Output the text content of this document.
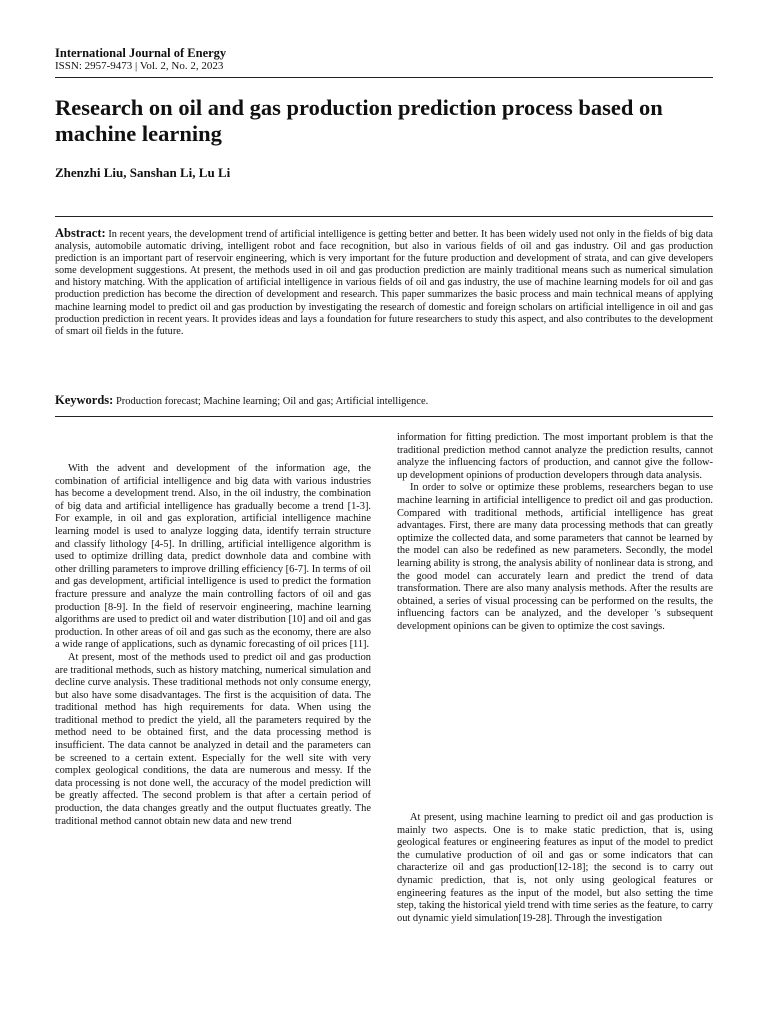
International Journal of Energy
ISSN: 2957-9473 | Vol. 2, No. 2, 2023
Research on oil and gas production prediction process based on machine learning
Zhenzhi Liu, Sanshan Li, Lu Li

Abstract: In recent years, the development trend of artificial intelligence is getting better and better. It has been widely used not only in the fields of big data analysis, automobile automatic driving, intelligent robot and face recognition, but also in various fields of oil and gas industry. Oil and gas production prediction is an important part of reservoir engineering, which is very important for the future production and development of strata, and can give developers some development suggestions. At present, the methods used in oil and gas production prediction are mainly traditional means such as numerical simulation and history matching. With the application of artificial intelligence in various fields of oil and gas industry, the use of machine learning models for oil and gas production prediction has become the direction of development and research. This paper summarizes the basic process and main technical means of applying machine learning model to predict oil and gas production by investigating the research of domestic and foreign scholars on artificial intelligence in oil and gas production prediction in recent years. It provides ideas and lays a foundation for future researchers to study this aspect, and also contributes to the development of smart oil fields in the future.

Keywords: Production forecast; Machine learning; Oil and gas; Artificial intelligence.

With the advent and development of the information age, the combination of artificial intelligence and big data with various industries has become a development trend. Also, in the oil industry, the combination of big data and artificial intelligence has gradually become a trend [1-3]. For example, in oil and gas exploration, artificial intelligence machine learning model is used to analyze logging data, identify terrain structure and classify lithology [4-5]. In drilling, artificial intelligence algorithm is used to optimize drilling data, predict downhole data and combine with other drilling parameters to improve drilling efficiency [6-7]. In terms of oil and gas development, artificial intelligence is used to predict the formation fracture pressure and analyze the main controlling factors of oil and gas production [8-9]. In the field of reservoir engineering, machine learning algorithms are used to predict oil and water distribution [10] and oil and gas production. In other areas of oil and gas such as the economy, there are also a wide range of applications, such as dynamic forecasting of oil prices [11].

At present, most of the methods used to predict oil and gas production are traditional methods, such as history matching, numerical simulation and decline curve analysis. These traditional methods not only consume energy, but also have some disadvantages. The first is the acquisition of data. The traditional method has high requirements for data. When using the traditional method to predict the yield, all the parameters required by the method need to be obtained first, and the data processing method is insufficient. The data cannot be analyzed in detail and the parameters can be screened to a certain extent. Especially for the well site with very complex geological conditions, the data are numerous and messy. If the data processing is not done well, the accuracy of the model prediction will be greatly affected. The second problem is that after a certain period of production, the data changes greatly and the output fluctuates greatly. The traditional method cannot obtain new data and new trend

information for fitting prediction. The most important problem is that the traditional prediction method cannot analyze the prediction results, cannot analyze the influencing factors of production, and cannot give the follow-up development opinions of production developers through data analysis.

In order to solve or optimize these problems, researchers began to use machine learning in artificial intelligence to predict oil and gas production. Compared with traditional methods, artificial intelligence has great advantages. First, there are many data processing methods that can greatly optimize the collected data, and some parameters that cannot be learned by the model can also be redefined as new parameters. Secondly, the model learning ability is strong, the analysis ability of nonlinear data is strong, and the good model can accurately learn and predict the trend of data transformation. There are also many analysis methods. After the results are obtained, a series of visual processing can be performed on the results, the influencing factors can be analyzed, and the developer 's subsequent development opinions can be given to optimize the cost savings.

At present, using machine learning to predict oil and gas production is mainly two aspects. One is to make static prediction, that is, using geological features or engineering features as input of the model to predict the cumulative production of oil and gas or some indicators that can characterize oil and gas production[12-18]; the second is to carry out dynamic prediction, that is, not only using geological features or engineering features as the input of the model, but also setting the time step, taking the historical yield trend with time series as the feature, to carry out dynamic yield simulation[19-28]. Through the investigation
